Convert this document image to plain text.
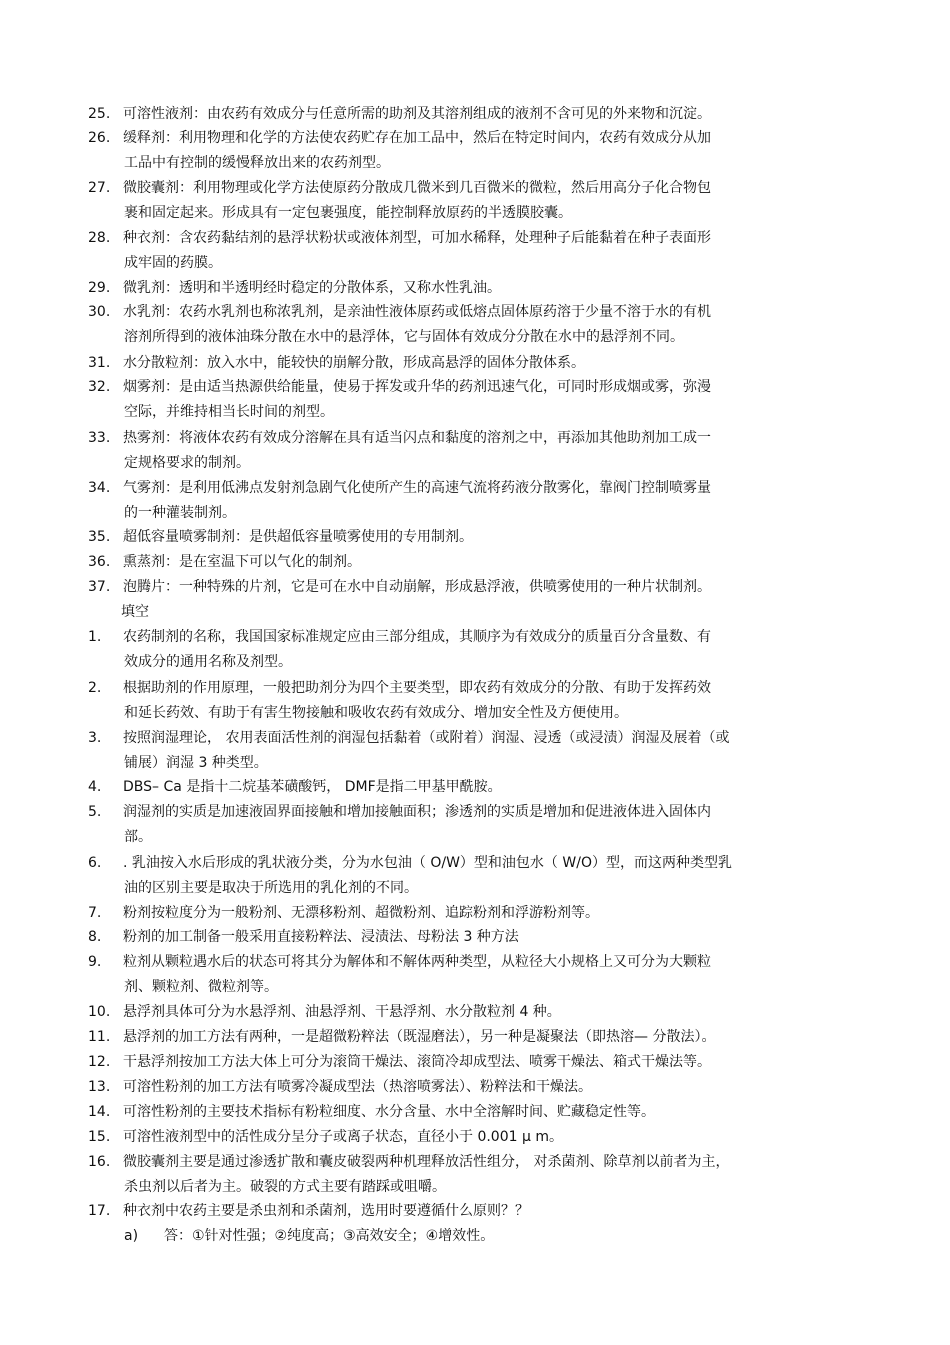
25. 可溶性液剂：由农药有效成分与任意所需的助剂及其溶剂组成的液剂不含可见的外来物和沉淀。
26. 缓释剂：利用物理和化学的方法使农药贮存在加工品中，然后在特定时间内，农药有效成分从加
工品中有控制的缓慢释放出来的农药剂型。
27. 微胶囊剂：利用物理或化学方法使原药分散成几微米到几百微米的微粒，然后用高分子化合物包
裹和固定起来。形成具有一定包裹强度，能控制释放原药的半透膜胶囊。
28. 种衣剂：含农药黏结剂的悬浮状粉状或液体剂型，可加水稀释，处理种子后能黏着在种子表面形
成牢固的药膜。
29. 微乳剂：透明和半透明经时稳定的分散体系，又称水性乳油。
30. 水乳剂：农药水乳剂也称浓乳剂，是亲油性液体原药或低熔点固体原药溶于少量不溶于水的有机
溶剂所得到的液体油珠分散在水中的悬浮体，它与固体有效成分分散在水中的悬浮剂不同。
31. 水分散粒剂：放入水中，能较快的崩解分散，形成高悬浮的固体分散体系。
32. 烟雾剂：是由适当热源供给能量，使易于挥发或升华的药剂迅速气化，可同时形成烟或雾，弥漫
空际，并维持相当长时间的剂型。
33. 热雾剂：将液体农药有效成分溶解在具有适当闪点和黏度的溶剂之中，再添加其他助剂加工成一
定规格要求的制剂。
34. 气雾剂：是利用低沸点发射剂急剧气化使所产生的高速气流将药液分散雾化，靠阀门控制喷雾量
的一种灌装制剂。
35. 超低容量喷雾制剂：是供超低容量喷雾使用的专用制剂。
36. 熏蒸剂：是在室温下可以气化的制剂。
37. 泡腾片：一种特殊的片剂，它是可在水中自动崩解，形成悬浮液，供喷雾使用的一种片状制剂。
填空
1. 农药制剂的名称，我国国家标准规定应由三部分组成，其顺序为有效成分的质量百分含量数、有
效成分的通用名称及剂型。
2. 根据助剂的作用原理，一般把助剂分为四个主要类型，即农药有效成分的分散、有助于发挥药效
和延长药效、有助于有害生物接触和吸收农药有效成分、增加安全性及方便使用。
3. 按照润湿理论， 农用表面活性剂的润湿包括黏着（或附着）润湿、浸透（或浸渍）润湿及展着（或
铺展）润湿 3 种类型。
4. DBS– Ca 是指十二烷基苯磺酸钙， DMF是指二甲基甲酰胺。
5. 润湿剂的实质是加速液固界面接触和增加接触面积；渗透剂的实质是增加和促进液体进入固体内
部。
6. . 乳油按入水后形成的乳状液分类，分为水包油（ O/W）型和油包水（ W/O）型，而这两种类型乳
油的区别主要是取决于所选用的乳化剂的不同。
7. 粉剂按粒度分为一般粉剂、无漂移粉剂、超微粉剂、追踪粉剂和浮游粉剂等。
8. 粉剂的加工制备一般采用直接粉粹法、浸渍法、母粉法 3 种方法
9. 粒剂从颗粒遇水后的状态可将其分为解体和不解体两种类型，从粒径大小规格上又可分为大颗粒
剂、颗粒剂、微粒剂等。
10. 悬浮剂具体可分为水悬浮剂、油悬浮剂、干悬浮剂、水分散粒剂 4 种。
11. 悬浮剂的加工方法有两种，一是超微粉粹法（既湿磨法），另一种是凝聚法（即热溶— 分散法）。
12. 干悬浮剂按加工方法大体上可分为滚筒干燥法、滚筒冷却成型法、喷雾干燥法、箱式干燥法等。
13. 可溶性粉剂的加工方法有喷雾冷凝成型法（热溶喷雾法）、粉粹法和干燥法。
14. 可溶性粉剂的主要技术指标有粉粒细度、水分含量、水中全溶解时间、贮藏稳定性等。
15. 可溶性液剂型中的活性成分呈分子或离子状态，直径小于 0.001 μ m。
16. 微胶囊剂主要是通过渗透扩散和囊皮破裂两种机理释放活性组分， 对杀菌剂、除草剂以前者为主，
杀虫剂以后者为主。破裂的方式主要有踏踩或咀嚼。
17. 种衣剂中农药主要是杀虫剂和杀菌剂，选用时要遵循什么原则？？
a) 答：①针对性强；②纯度高；③高效安全；④增效性。
